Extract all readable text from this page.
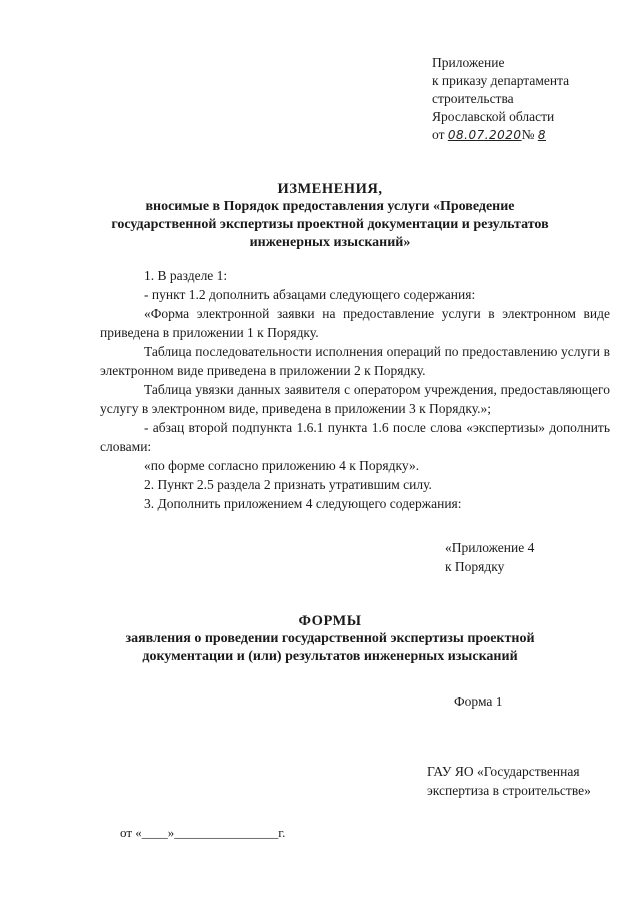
Приложение
к приказу департамента
строительства
Ярославской области
от 08.07.2020№ 8
ИЗМЕНЕНИЯ,
вносимые в Порядок предоставления услуги «Проведение
государственной экспертизы проектной документации и результатов
инженерных изысканий»

1. В разделе 1:

- пункт 1.2 дополнить абзацами следующего содержания:

«Форма электронной заявки на предоставление услуги в электронном виде приведена в приложении 1 к Порядку.

Таблица последовательности исполнения операций по предоставлению услуги в электронном виде приведена в приложении 2 к Порядку.

Таблица увязки данных заявителя с оператором учреждения, предоставляющего услугу в электронном виде, приведена в приложении 3 к Порядку.»;

- абзац второй подпункта 1.6.1 пункта 1.6 после слова «экспертизы» дополнить словами:

«по форме согласно приложению 4 к Порядку».

2. Пункт 2.5 раздела 2 признать утратившим силу.

3. Дополнить приложением 4 следующего содержания:

«Приложение 4
к Порядку
ФОРМЫ
заявления о проведении государственной экспертизы проектной
документации и (или) результатов инженерных изысканий
Форма 1
ГАУ ЯО «Государственная
экспертиза в строительстве»
от «____»________________г.
